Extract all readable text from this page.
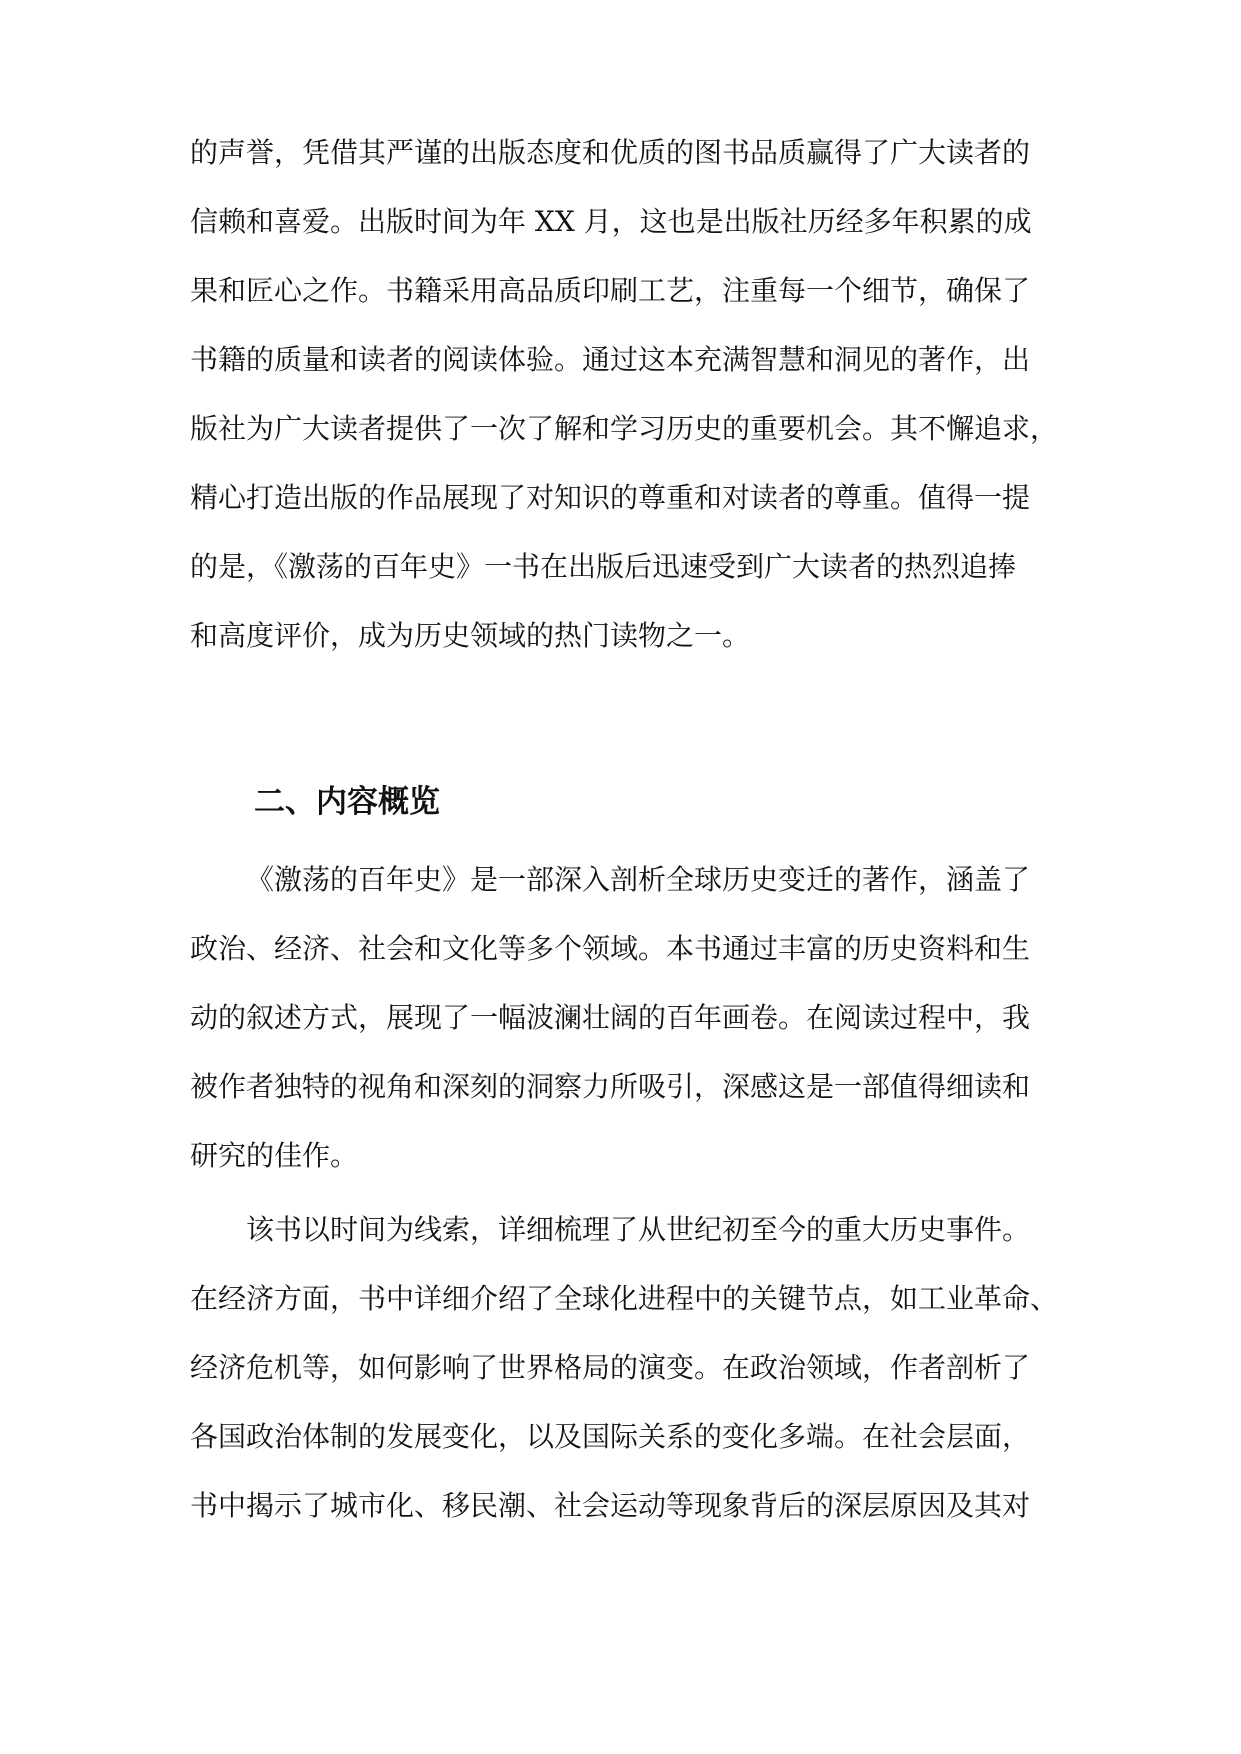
的声誉，凭借其严谨的出版态度和优质的图书品质赢得了广大读者的
信赖和喜爱。出版时间为年 XX 月，这也是出版社历经多年积累的成
果和匠心之作。书籍采用高品质印刷工艺，注重每一个细节，确保了
书籍的质量和读者的阅读体验。通过这本充满智慧和洞见的著作，出
版社为广大读者提供了一次了解和学习历史的重要机会。其不懈追求，
精心打造出版的作品展现了对知识的尊重和对读者的尊重。值得一提
的是，《激荡的百年史》一书在出版后迅速受到广大读者的热烈追捧
和高度评价，成为历史领域的热门读物之一。
二、内容概览
《激荡的百年史》是一部深入剖析全球历史变迁的著作，涵盖了
政治、经济、社会和文化等多个领域。本书通过丰富的历史资料和生
动的叙述方式，展现了一幅波澜壮阔的百年画卷。在阅读过程中，我
被作者独特的视角和深刻的洞察力所吸引，深感这是一部值得细读和
研究的佳作。
该书以时间为线索，详细梳理了从世纪初至今的重大历史事件。
在经济方面，书中详细介绍了全球化进程中的关键节点，如工业革命、
经济危机等，如何影响了世界格局的演变。在政治领域，作者剖析了
各国政治体制的发展变化，以及国际关系的变化多端。在社会层面，
书中揭示了城市化、移民潮、社会运动等现象背后的深层原因及其对
